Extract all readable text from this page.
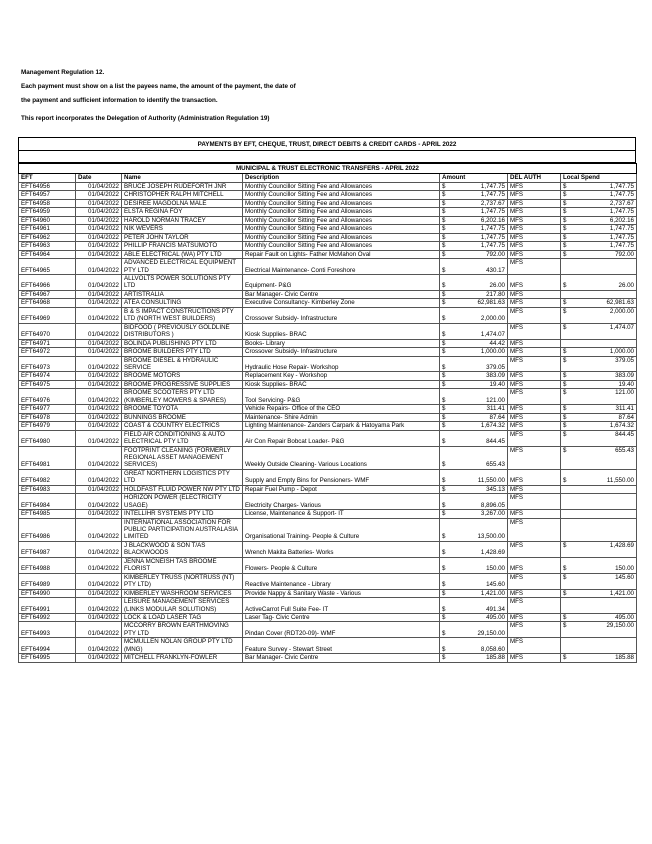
Management Regulation 12.
Each payment must show on a list the payees name, the amount of the payment, the date of
the payment and sufficient information to identify the transaction.
This report incorporates the Delegation of Authority (Administration Regulation 19)
PAYMENTS BY EFT, CHEQUE, TRUST, DIRECT DEBITS & CREDIT CARDS - APRIL 2022
MUNICIPAL & TRUST ELECTRONIC TRANSFERS - APRIL 2022								
EFT	Date	Name	Description	Amount		DEL AUTH	Local Spend	
EFT64956	01/04/2022	BRUCE JOSEPH RUDEFORTH JNR	Monthly Councillor Sitting Fee and Allowances	$	1,747.75	MFS	$	1,747.75
EFT64957	01/04/2022	CHRISTOPHER RALPH MITCHELL	Monthly Councillor Sitting Fee and Allowances	$	1,747.75	MFS	$	1,747.75
EFT64958	01/04/2022	DESIREE MAGDOLNA MALE	Monthly Councillor Sitting Fee and Allowances	$	2,737.67	MFS	$	2,737.67
EFT64959	01/04/2022	ELSTA REGINA FOY	Monthly Councillor Sitting Fee and Allowances	$	1,747.75	MFS	$	1,747.75
EFT64960	01/04/2022	HAROLD NORMAN TRACEY	Monthly Councillor Sitting Fee and Allowances	$	6,202.16	MFS	$	6,202.16
EFT64961	01/04/2022	NIK WEVERS	Monthly Councillor Sitting Fee and Allowances	$	1,747.75	MFS	$	1,747.75
EFT64962	01/04/2022	PETER JOHN TAYLOR	Monthly Councillor Sitting Fee and Allowances	$	1,747.75	MFS	$	1,747.75
EFT64963	01/04/2022	PHILLIP FRANCIS MATSUMOTO	Monthly Councillor Sitting Fee and Allowances	$	1,747.75	MFS	$	1,747.75
EFT64964	01/04/2022	ABLE ELECTRICAL (WA) PTY LTD	Repair Fault on Lights- Father McMahon Oval	$	792.00	MFS	$	792.00
EFT64965	01/04/2022	ADVANCED ELECTRICAL EQUIPMENT PTY LTD	Electrical Maintenance- Conti Foreshore	$	430.17	MFS		
EFT64966	01/04/2022	ALLVOLTS POWER SOLUTIONS PTY LTD	Equipment- P&G	$	26.00	MFS	$	26.00
EFT64967	01/04/2022	ARTISTRALIA	Bar Manager- Civic Centre	$	217.80	MFS		
EFT64968	01/04/2022	ATEA CONSULTING	Executive Consultancy- Kimberley Zone	$	62,981.63	MFS	$	62,981.63
EFT64969	01/04/2022	B & S IMPACT CONSTRUCTIONS PTY LTD (NORTH WEST BUILDERS)	Crossover Subsidy- Infrastructure	$	2,000.00	MFS	$	2,000.00
EFT64970	01/04/2022	BIDFOOD ( PREVIOUSLY GOLDLINE DISTRIBUTORS )	Kiosk Supplies- BRAC	$	1,474.07	MFS	$	1,474.07
EFT64971	01/04/2022	BOLINDA PUBLISHING PTY LTD	Books- Library	$	44.42	MFS		
EFT64972	01/04/2022	BROOME BUILDERS PTY LTD	Crossover Subsidy- Infrastructure	$	1,000.00	MFS	$	1,000.00
EFT64973	01/04/2022	BROOME DIESEL & HYDRAULIC SERVICE	Hydraulic Hose Repair- Workshop	$	379.05	MFS	$	379.05
EFT64974	01/04/2022	BROOME MOTORS	Replacement Key - Workshop	$	383.09	MFS	$	383.09
EFT64975	01/04/2022	BROOME PROGRESSIVE SUPPLIES	Kiosk Supplies- BRAC	$	19.40	MFS	$	19.40
EFT64976	01/04/2022	BROOME SCOOTERS PTY LTD (KIMBERLEY MOWERS & SPARES)	Tool Servicing- P&G	$	121.00	MFS	$	121.00
EFT64977	01/04/2022	BROOME TOYOTA	Vehicle Repairs- Office of the CEO	$	311.41	MFS	$	311.41
EFT64978	01/04/2022	BUNNINGS BROOME	Maintenance- Shire Admin	$	87.64	MFS	$	87.64
EFT64979	01/04/2022	COAST & COUNTRY ELECTRICS	Lighting Maintenance- Zanders Carpark & Hatoyama Park	$	1,674.32	MFS	$	1,674.32
EFT64980	01/04/2022	FIELD AIR CONDITIONING & AUTO ELECTRICAL PTY LTD	Air Con Repair Bobcat Loader- P&G	$	844.45	MFS	$	844.45
EFT64981	01/04/2022	FOOTPRINT CLEANING (FORMERLY REGIONAL ASSET MANAGEMENT SERVICES)	Weekly Outside Cleaning- Various Locations	$	655.43	MFS	$	655.43
EFT64982	01/04/2022	GREAT NORTHERN LOGISTICS PTY LTD	Supply and Empty Bins for Pensioners- WMF	$	11,550.00	MFS	$	11,550.00
EFT64983	01/04/2022	HOLDFAST FLUID POWER NW PTY LTD	Repair Fuel Pump - Depot	$	345.13	MFS		
EFT64984	01/04/2022	HORIZON POWER (ELECTRICITY USAGE)	Electricity Charges- Various	$	8,896.05	MFS		
EFT64985	01/04/2022	INTELLIHR SYSTEMS PTY LTD	License, Maintenance & Support- IT	$	3,267.00	MFS		
EFT64986	01/04/2022	INTERNATIONAL ASSOCIATION FOR PUBLIC PARTICIPATION AUSTRALASIA LIMITED	Organisational Training- People & Culture	$	13,500.00	MFS		
EFT64987	01/04/2022	J BLACKWOOD & SON T/AS BLACKWOODS	Wrench Makita Batteries- Works	$	1,428.69	MFS	$	1,428.69
EFT64988	01/04/2022	JENNA MCNEISH TAS BROOME FLORIST	Flowers- People & Culture	$	150.00	MFS	$	150.00
EFT64989	01/04/2022	KIMBERLEY TRUSS (NORTRUSS (NT) PTY LTD)	Reactive Maintenance - Library	$	145.60	MFS	$	145.60
EFT64990	01/04/2022	KIMBERLEY WASHROOM SERVICES	Provide Nappy & Sanitary Waste - Various	$	1,421.00	MFS	$	1,421.00
EFT64991	01/04/2022	LEISURE MANAGEMENT SERVICES (LINKS MODULAR SOLUTIONS)	ActiveCarrot Full Suite Fee- IT	$	491.34	MFS		
EFT64992	01/04/2022	LOCK & LOAD LASER TAG	Laser Tag- Civic Centre	$	495.00	MFS	$	495.00
EFT64993	01/04/2022	MCCORRY BROWN EARTHMOVING PTY LTD	Pindan Cover (RDT20-09)- WMF	$	29,150.00	MFS	$	29,150.00
EFT64994	01/04/2022	MCMULLEN NOLAN GROUP PTY LTD (MNG)	Feature Survey - Stewart Street	$	8,058.60	MFS		
EFT64995	01/04/2022	MITCHELL FRANKLYN-FOWLER	Bar Manager- Civic Centre	$	185.88	MFS	$	185.88
